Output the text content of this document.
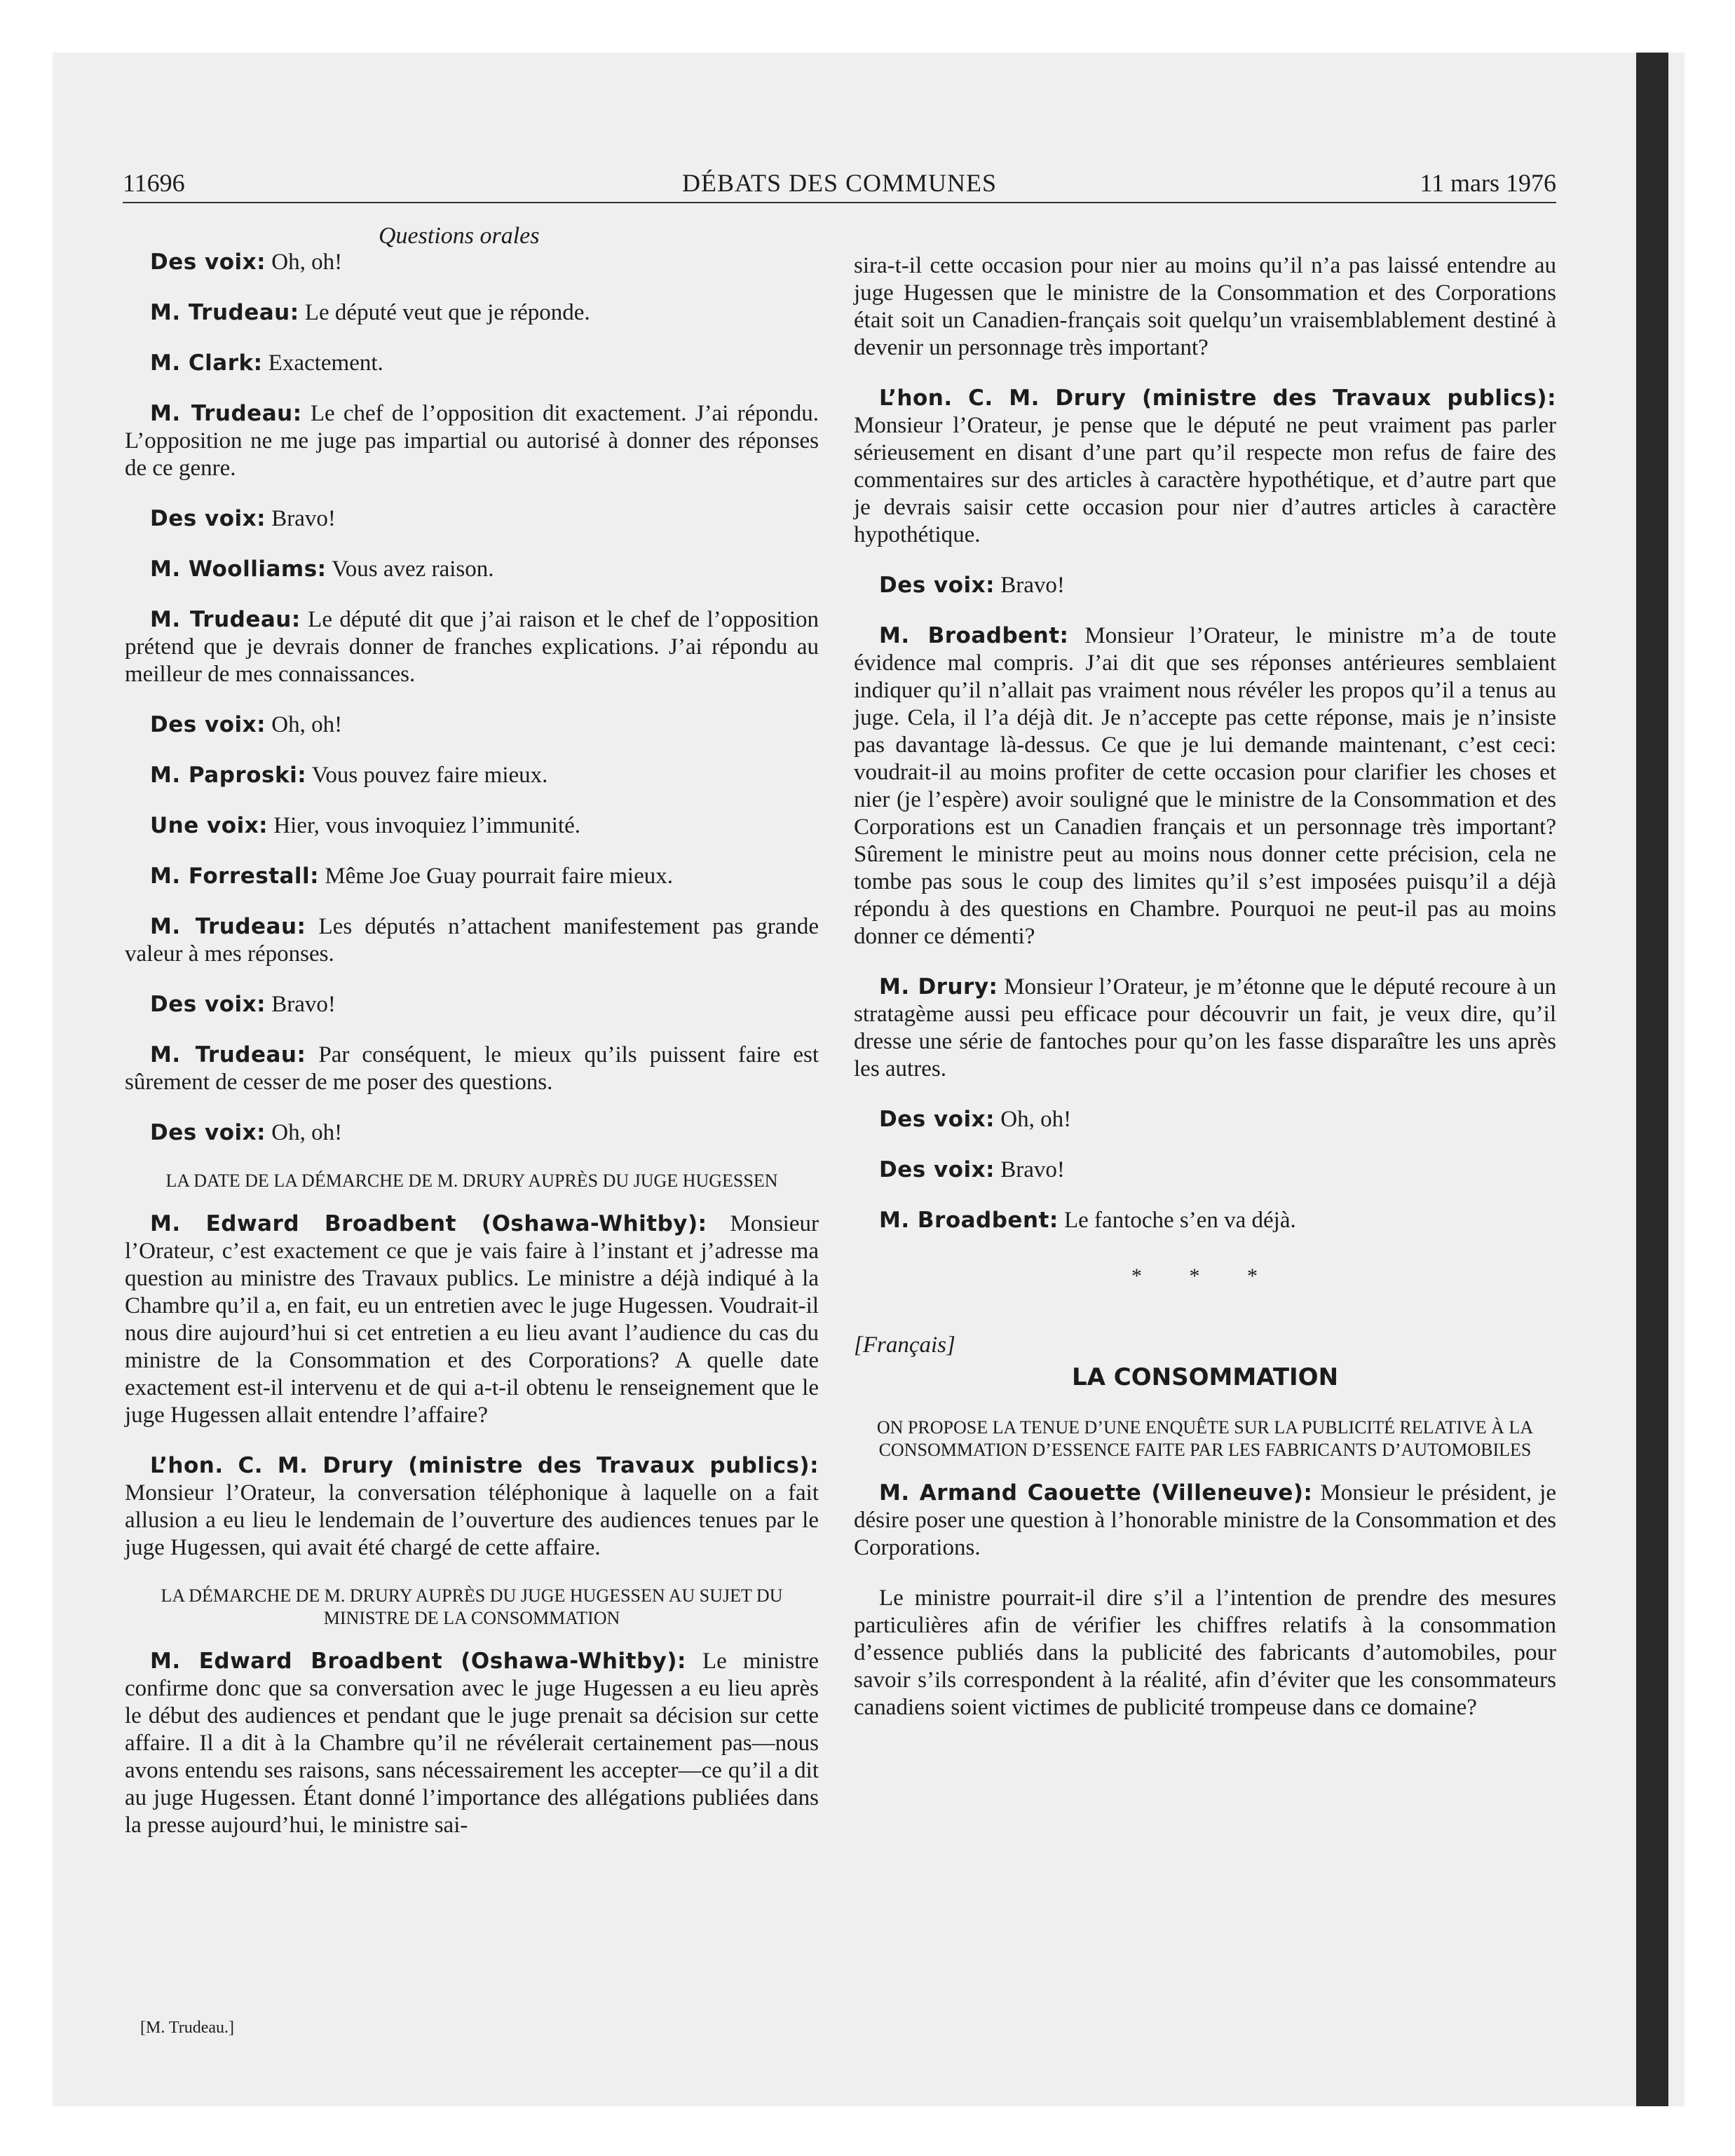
11696	DÉBATS DES COMMUNES	11 mars 1976
Questions orales

Des voix: Oh, oh!

M. Trudeau: Le député veut que je réponde.

M. Clark: Exactement.

M. Trudeau: Le chef de l’opposition dit exactement. J’ai répondu. L’opposition ne me juge pas impartial ou autorisé à donner des réponses de ce genre.

Des voix: Bravo!

M. Woolliams: Vous avez raison.

M. Trudeau: Le député dit que j’ai raison et le chef de l’opposition prétend que je devrais donner de franches explications. J’ai répondu au meilleur de mes connaissances.

Des voix: Oh, oh!

M. Paproski: Vous pouvez faire mieux.

Une voix: Hier, vous invoquiez l’immunité.

M. Forrestall: Même Joe Guay pourrait faire mieux.

M. Trudeau: Les députés n’attachent manifestement pas grande valeur à mes réponses.

Des voix: Bravo!

M. Trudeau: Par conséquent, le mieux qu’ils puissent faire est sûrement de cesser de me poser des questions.

Des voix: Oh, oh!

LA DATE DE LA DÉMARCHE DE M. DRURY AUPRÈS DU JUGE HUGESSEN

M. Edward Broadbent (Oshawa-Whitby): Monsieur l’Orateur, c’est exactement ce que je vais faire à l’instant et j’adresse ma question au ministre des Travaux publics. Le ministre a déjà indiqué à la Chambre qu’il a, en fait, eu un entretien avec le juge Hugessen. Voudrait-il nous dire aujourd’hui si cet entretien a eu lieu avant l’audience du cas du ministre de la Consommation et des Corporations? A quelle date exactement est-il intervenu et de qui a-t-il obtenu le renseignement que le juge Hugessen allait entendre l’affaire?

L’hon. C. M. Drury (ministre des Travaux publics): Monsieur l’Orateur, la conversation téléphonique à laquelle on a fait allusion a eu lieu le lendemain de l’ouverture des audiences tenues par le juge Hugessen, qui avait été chargé de cette affaire.

LA DÉMARCHE DE M. DRURY AUPRÈS DU JUGE HUGESSEN AU SUJET DU MINISTRE DE LA CONSOMMATION

M. Edward Broadbent (Oshawa-Whitby): Le ministre confirme donc que sa conversation avec le juge Hugessen a eu lieu après le début des audiences et pendant que le juge prenait sa décision sur cette affaire. Il a dit à la Chambre qu’il ne révélerait certainement pas—nous avons entendu ses raisons, sans nécessairement les accepter—ce qu’il a dit au juge Hugessen. Étant donné l’importance des allégations publiées dans la presse aujourd’hui, le ministre sai-

sira-t-il cette occasion pour nier au moins qu’il n’a pas laissé entendre au juge Hugessen que le ministre de la Consommation et des Corporations était soit un Canadien-français soit quelqu’un vraisemblablement destiné à devenir un personnage très important?

L’hon. C. M. Drury (ministre des Travaux publics): Monsieur l’Orateur, je pense que le député ne peut vraiment pas parler sérieusement en disant d’une part qu’il respecte mon refus de faire des commentaires sur des articles à caractère hypothétique, et d’autre part que je devrais saisir cette occasion pour nier d’autres articles à caractère hypothétique.

Des voix: Bravo!

M. Broadbent: Monsieur l’Orateur, le ministre m’a de toute évidence mal compris. J’ai dit que ses réponses antérieures semblaient indiquer qu’il n’allait pas vraiment nous révéler les propos qu’il a tenus au juge. Cela, il l’a déjà dit. Je n’accepte pas cette réponse, mais je n’insiste pas davantage là-dessus. Ce que je lui demande maintenant, c’est ceci: voudrait-il au moins profiter de cette occasion pour clarifier les choses et nier (je l’espère) avoir souligné que le ministre de la Consommation et des Corporations est un Canadien français et un personnage très important? Sûrement le ministre peut au moins nous donner cette précision, cela ne tombe pas sous le coup des limites qu’il s’est imposées puisqu’il a déjà répondu à des questions en Chambre. Pourquoi ne peut-il pas au moins donner ce démenti?

M. Drury: Monsieur l’Orateur, je m’étonne que le député recoure à un stratagème aussi peu efficace pour découvrir un fait, je veux dire, qu’il dresse une série de fantoches pour qu’on les fasse disparaître les uns après les autres.

Des voix: Oh, oh!

Des voix: Bravo!

M. Broadbent: Le fantoche s’en va déjà.

* * *
[Français]
LA CONSOMMATION
ON PROPOSE LA TENUE D’UNE ENQUÊTE SUR LA PUBLICITÉ RELATIVE À LA CONSOMMATION D’ESSENCE FAITE PAR LES FABRICANTS D’AUTOMOBILES

M. Armand Caouette (Villeneuve): Monsieur le président, je désire poser une question à l’honorable ministre de la Consommation et des Corporations.

Le ministre pourrait-il dire s’il a l’intention de prendre des mesures particulières afin de vérifier les chiffres relatifs à la consommation d’essence publiés dans la publicité des fabricants d’automobiles, pour savoir s’ils correspondent à la réalité, afin d’éviter que les consommateurs canadiens soient victimes de publicité trompeuse dans ce domaine?

[M. Trudeau.]
